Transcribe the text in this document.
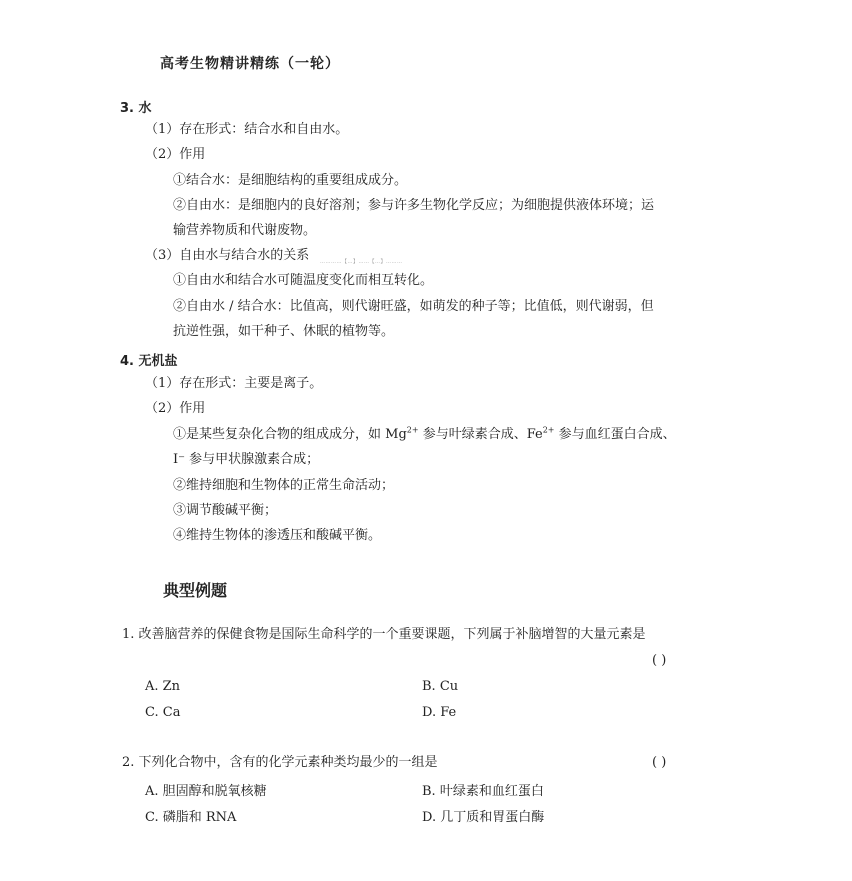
高考生物精讲精练（一轮）
3. 水
（1）存在形式：结合水和自由水。
（2）作用
①结合水：是细胞结构的重要组成成分。
②自由水：是细胞内的良好溶剂；参与许多生物化学反应；为细胞提供液体环境；运
输营养物质和代谢废物。
（3）自由水与结合水的关系 …………【…】……【…】………
①自由水和结合水可随温度变化而相互转化。
②自由水 / 结合水：比值高，则代谢旺盛，如萌发的种子等；比值低，则代谢弱，但
抗逆性强，如干种子、休眠的植物等。
4. 无机盐
（1）存在形式：主要是离子。
（2）作用
①是某些复杂化合物的组成成分，如 $Mg^{2+}$ 参与叶绿素合成、$Fe^{2+}$ 参与血红蛋白合成、
I⁻ 参与甲状腺激素合成；
②维持细胞和生物体的正常生命活动；
③调节酸碱平衡；
④维持生物体的渗透压和酸碱平衡。
典型例题
1. 改善脑营养的保健食物是国际生命科学的一个重要课题，下列属于补脑增智的大量元素是
( )
A. Zn	B. Cu
C. Ca	D. Fe
2. 下列化合物中，含有的化学元素种类均最少的一组是	( )
A. 胆固醇和脱氧核糖	B. 叶绿素和血红蛋白
C. 磷脂和 RNA	D. 几丁质和胃蛋白酶
